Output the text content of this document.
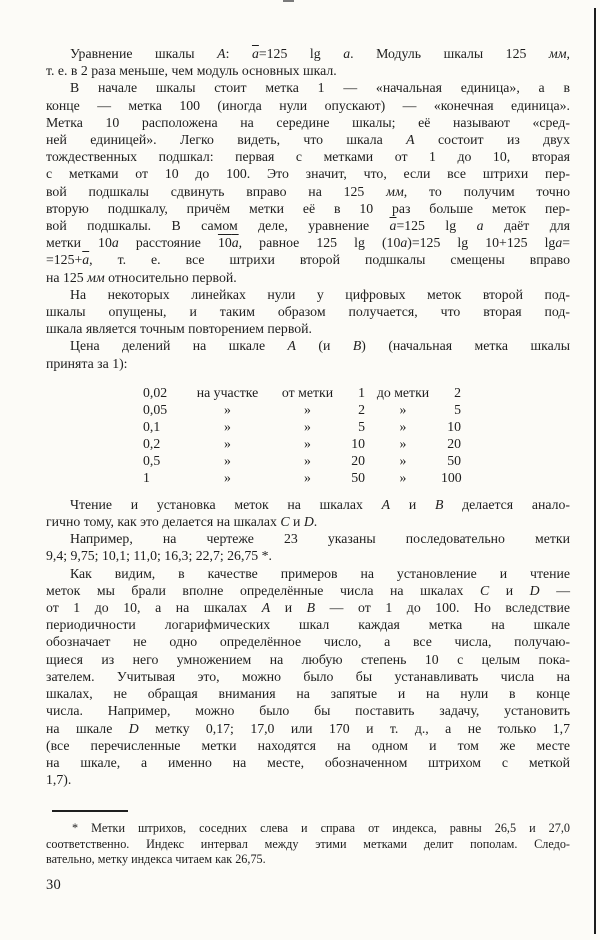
Уравнение шкалы A: $\overline{a}=125$ lg a. Модуль шкалы 125 мм,
т. е. в 2 раза меньше, чем модуль основных шкал.
В начале шкалы стоит метка 1 — «начальная единица», а в
конце — метка 100 (иногда нули опускают) — «конечная единица».
Метка 10 расположена на середине шкалы; её называют «сред-
ней единицей». Легко видеть, что шкала A состоит из двух
тождественных подшкал: первая с метками от 1 до 10, вторая
с метками от 10 до 100. Это значит, что, если все штрихи пер-
вой подшкалы сдвинуть вправо на 125 мм, то получим точно
вторую подшкалу, причём метки её в 10 раз больше меток пер-
вой подшкалы. В самом деле, уравнение $\overline{a}=125$ lg a даёт для
метки 10a расстояние 10a, равное 125 lg (10a)=125 lg 10+125 lga=
$=125+\overline{a}$, т. е. все штрихи второй подшкалы смещены вправо
на 125 мм относительно первой.
На некоторых линейках нули у цифровых меток второй под-
шкалы опущены, и таким образом получается, что вторая под-
шкала является точным повторением первой.
Цена делений на шкале A (и B) (начальная метка шкалы
принята за 1):
0,02	на участке	от метки	1 до метки	2
0,05	»	»	2	»	5
0,1	»	»	5	»	10
0,2	»	»	10	»	20
0,5	»	»	20	»	50
1	»	»	50	»	100
Чтение и установка меток на шкалах A и B делается анало-
гично тому, как это делается на шкалах C и D.
Например, на чертеже 23 указаны последовательно метки
9,4; 9,75; 10,1; 11,0; 16,3; 22,7; 26,75 *.
Как видим, в качестве примеров на установление и чтение
меток мы брали вполне определённые числа на шкалах C и D —
от 1 до 10, а на шкалах A и B — от 1 до 100. Но вследствие
периодичности логарифмических шкал каждая метка на шкале
обозначает не одно определённое число, а все числа, получаю-
щиеся из него умножением на любую степень 10 с целым пока-
зателем. Учитывая это, можно было бы устанавливать числа на
шкалах, не обращая внимания на запятые и на нули в конце
числа. Например, можно было бы поставить задачу, установить
на шкале D метку 0,17; 17,0 или 170 и т. д., а не только 1,7
(все перечисленные метки находятся на одном и том же месте
на шкале, а именно на месте, обозначенном штрихом с меткой
1,7).
* Метки штрихов, соседних слева и справа от индекса, равны 26,5 и 27,0
соответственно. Индекс интервал между этими метками делит пополам. Следо-
вательно, метку индекса читаем как 26,75.
30
